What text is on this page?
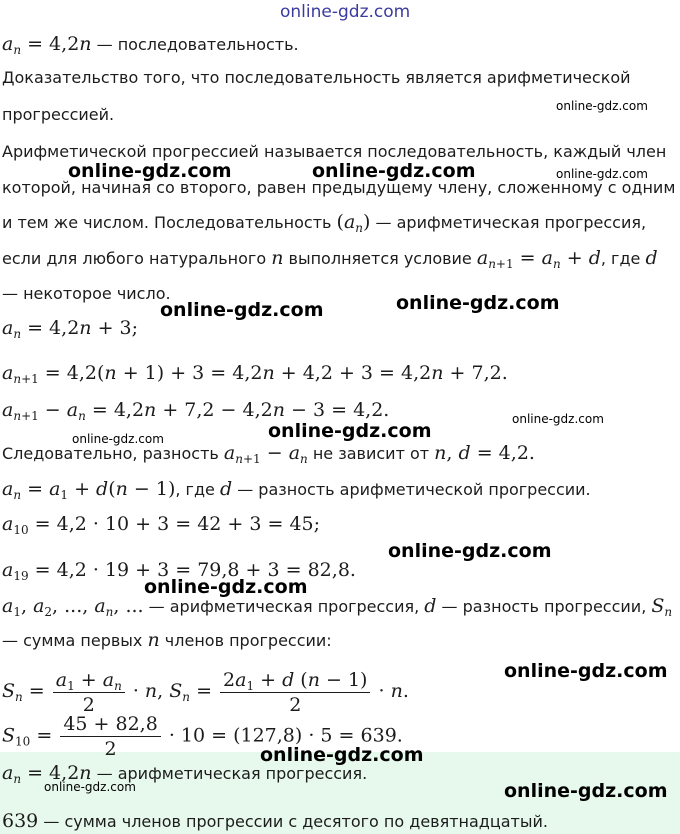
online-gdz.com
online-gdz.com
online-gdz.com
online-gdz.com	online-gdz.com
online-gdz.com
online-gdz.com
online-gdz.com
online-gdz.com
online-gdz.com
online-gdz.com
online-gdz.com
online-gdz.com
online-gdz.com
online-gdz.com	online-gdz.com
$a_n = 4,2n$ — последовательность.
Доказательство того, что последовательность является арифметической
прогрессией.
Арифметической прогрессией называется последовательность, каждый член
которой, начиная со второго, равен предыдущему члену, сложенному с одним
и тем же числом. Последовательность $(a_n)$ — арифметическая прогрессия,
если для любого натурального n выполняется условие $a_{n+1} = a_n + d$, где d
— некоторое число.
$a_n = 4,2n + 3$;
$a_{n+1} = 4,2(n + 1) + 3 = 4,2n + 4,2 + 3 = 4,2n + 7,2$.
$a_{n+1} - a_n = 4,2n + 7,2 - 4,2n - 3 = 4,2$.
Следовательно, разность $a_{n+1} - a_n$ не зависит от n, d = 4,2.
$a_n = a_1 + d(n - 1)$, где d — разность арифметической прогрессии.
$a_{10} = 4,2 \cdot 10 + 3 = 42 + 3 = 45$;
$a_{19} = 4,2 \cdot 19 + 3 = 79,8 + 3 = 82,8$.
$a_1$, $a_2$, ..., $a_n$, ... — арифметическая прогрессия, d — разность прогрессии, $S_n$
— сумма первых n членов прогрессии:
$S_n = \frac{a_1 + a_n}{2} \cdot n$, $S_n = \frac{2a_1 + d (n - 1)}{2} \cdot n$.
$S_{10} = \frac{45 + 82,8}{2} \cdot 10 = (127,8) \cdot 5 = 639$.
$a_n = 4,2n$ — арифметическая прогрессия.
639 — сумма членов прогрессии с десятого по девятнадцатый.
